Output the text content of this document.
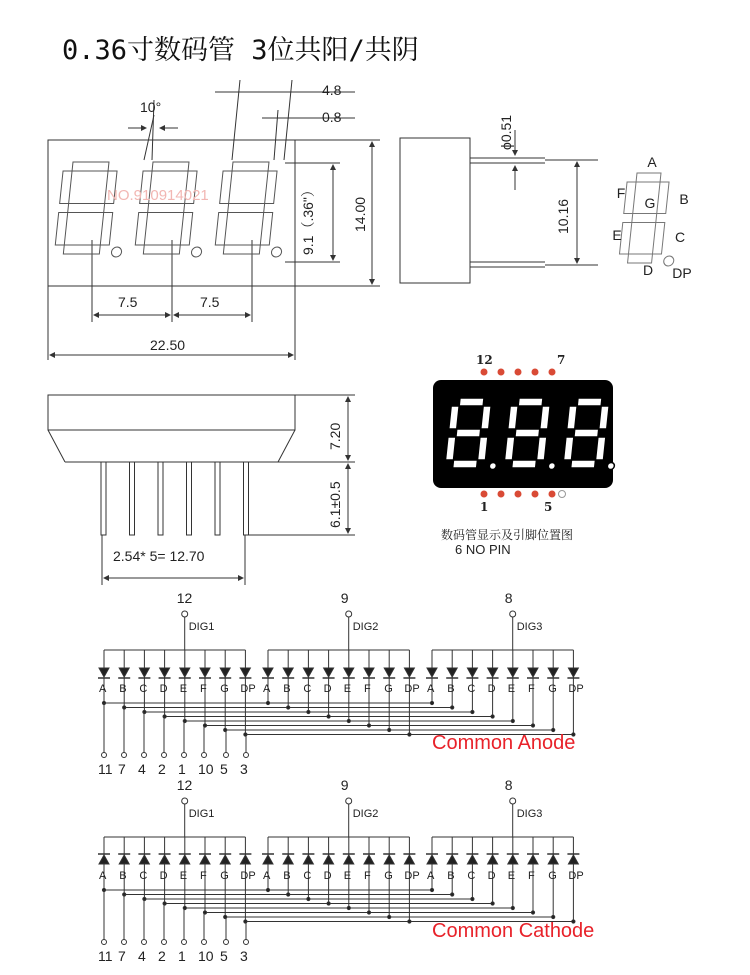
0.36寸数码管 3位共阳/共阴
A
B
C
D
E
F
G
DP
10°
4.8
0.8
9.1（.36"）	14.00
7.5	7.5
22.50
NO.910914021
ϕ0.51
10.16
7.20
6.1±0.5
2.54* 5= 12.70
12	7
1	5
数码管显示及引脚位置图
6 NO PIN
Common Anode
Common Cathode
12
DIG1
A B C D E F G DP
9
DIG2
A B C D E F G DP
8
DIG3
A B C D E F G DP
11 7 4 2 1 10 5 3
12
DIG1
A B C D E F G DP
9
DIG2
A B C D E F G DP
8
DIG3
A B C D E F G DP
11 7 4 2 1 10 5 3
